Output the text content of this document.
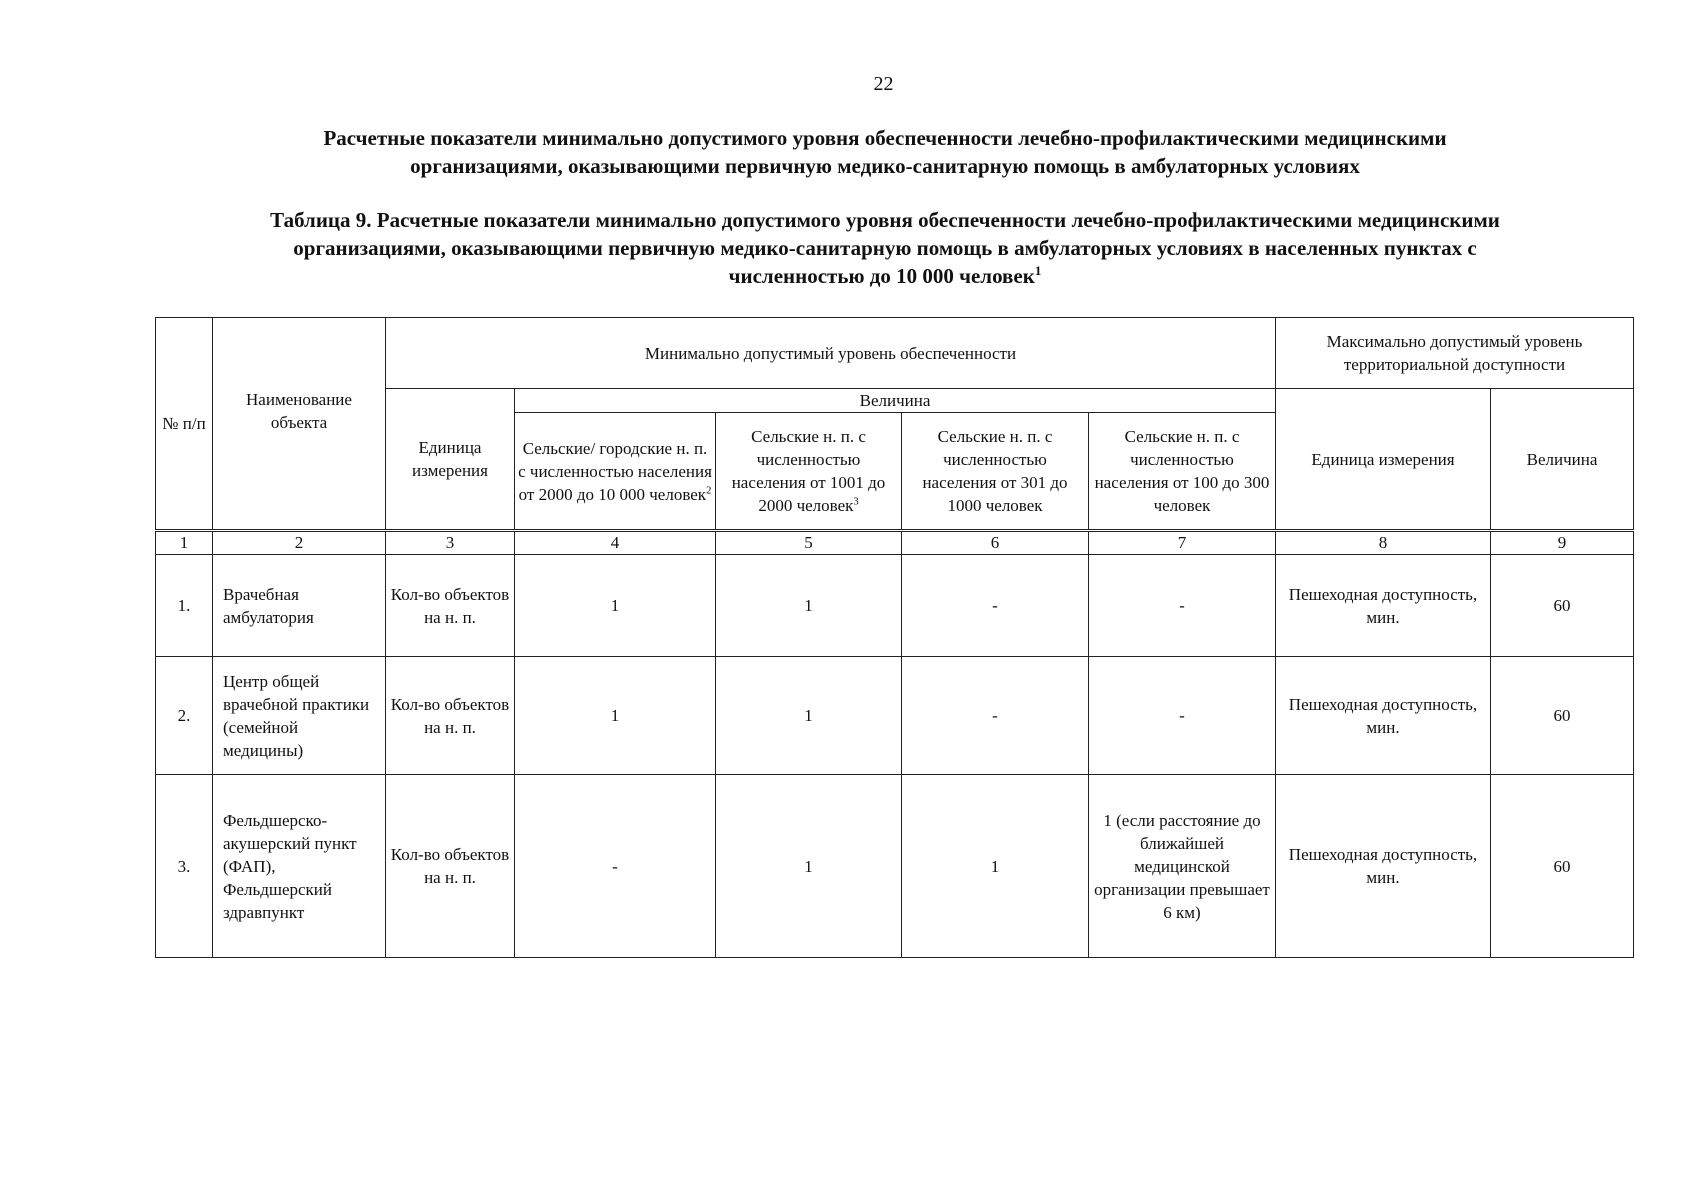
22
Расчетные показатели минимально допустимого уровня обеспеченности лечебно-профилактическими медицинскими
организациями, оказывающими первичную медико-санитарную помощь в амбулаторных условиях
Таблица 9. Расчетные показатели минимально допустимого уровня обеспеченности лечебно-профилактическими медицинскими
организациями, оказывающими первичную медико-санитарную помощь в амбулаторных условиях в населенных пунктах с
численностью до 10 000 человек$^1$
№ п/п	Наименование объекта	Минимально допустимый уровень обеспеченности					Максимально допустимый уровень территориальной доступности	
		Единица измерения	Величина				Единица измерения	Величина
			Сельские/ городские н. п. с численностью населения от 2000 до 10 000 человек$^2$	Сельские н. п. с численностью населения от 1001 до 2000 человек$^3$	Сельские н. п. с численностью населения от 301 до 1000 человек	Сельские н. п. с численностью населения от 100 до 300 человек		
1	2	3	4	5	6	7	8	9
1.	Врачебная амбулатория	Кол-во объектов на н. п.	1	1	-	-	Пешеходная доступность, мин.	60
2.	Центр общей врачебной практики (семейной медицины)	Кол-во объектов на н. п.	1	1	-	-	Пешеходная доступность, мин.	60
3.	Фельдшерско-акушерский пункт (ФАП), Фельдшерский здравпункт	Кол-во объектов на н. п.	-	1	1	1 (если расстояние до ближайшей медицинской организации превышает 6 км)	Пешеходная доступность, мин.	60
